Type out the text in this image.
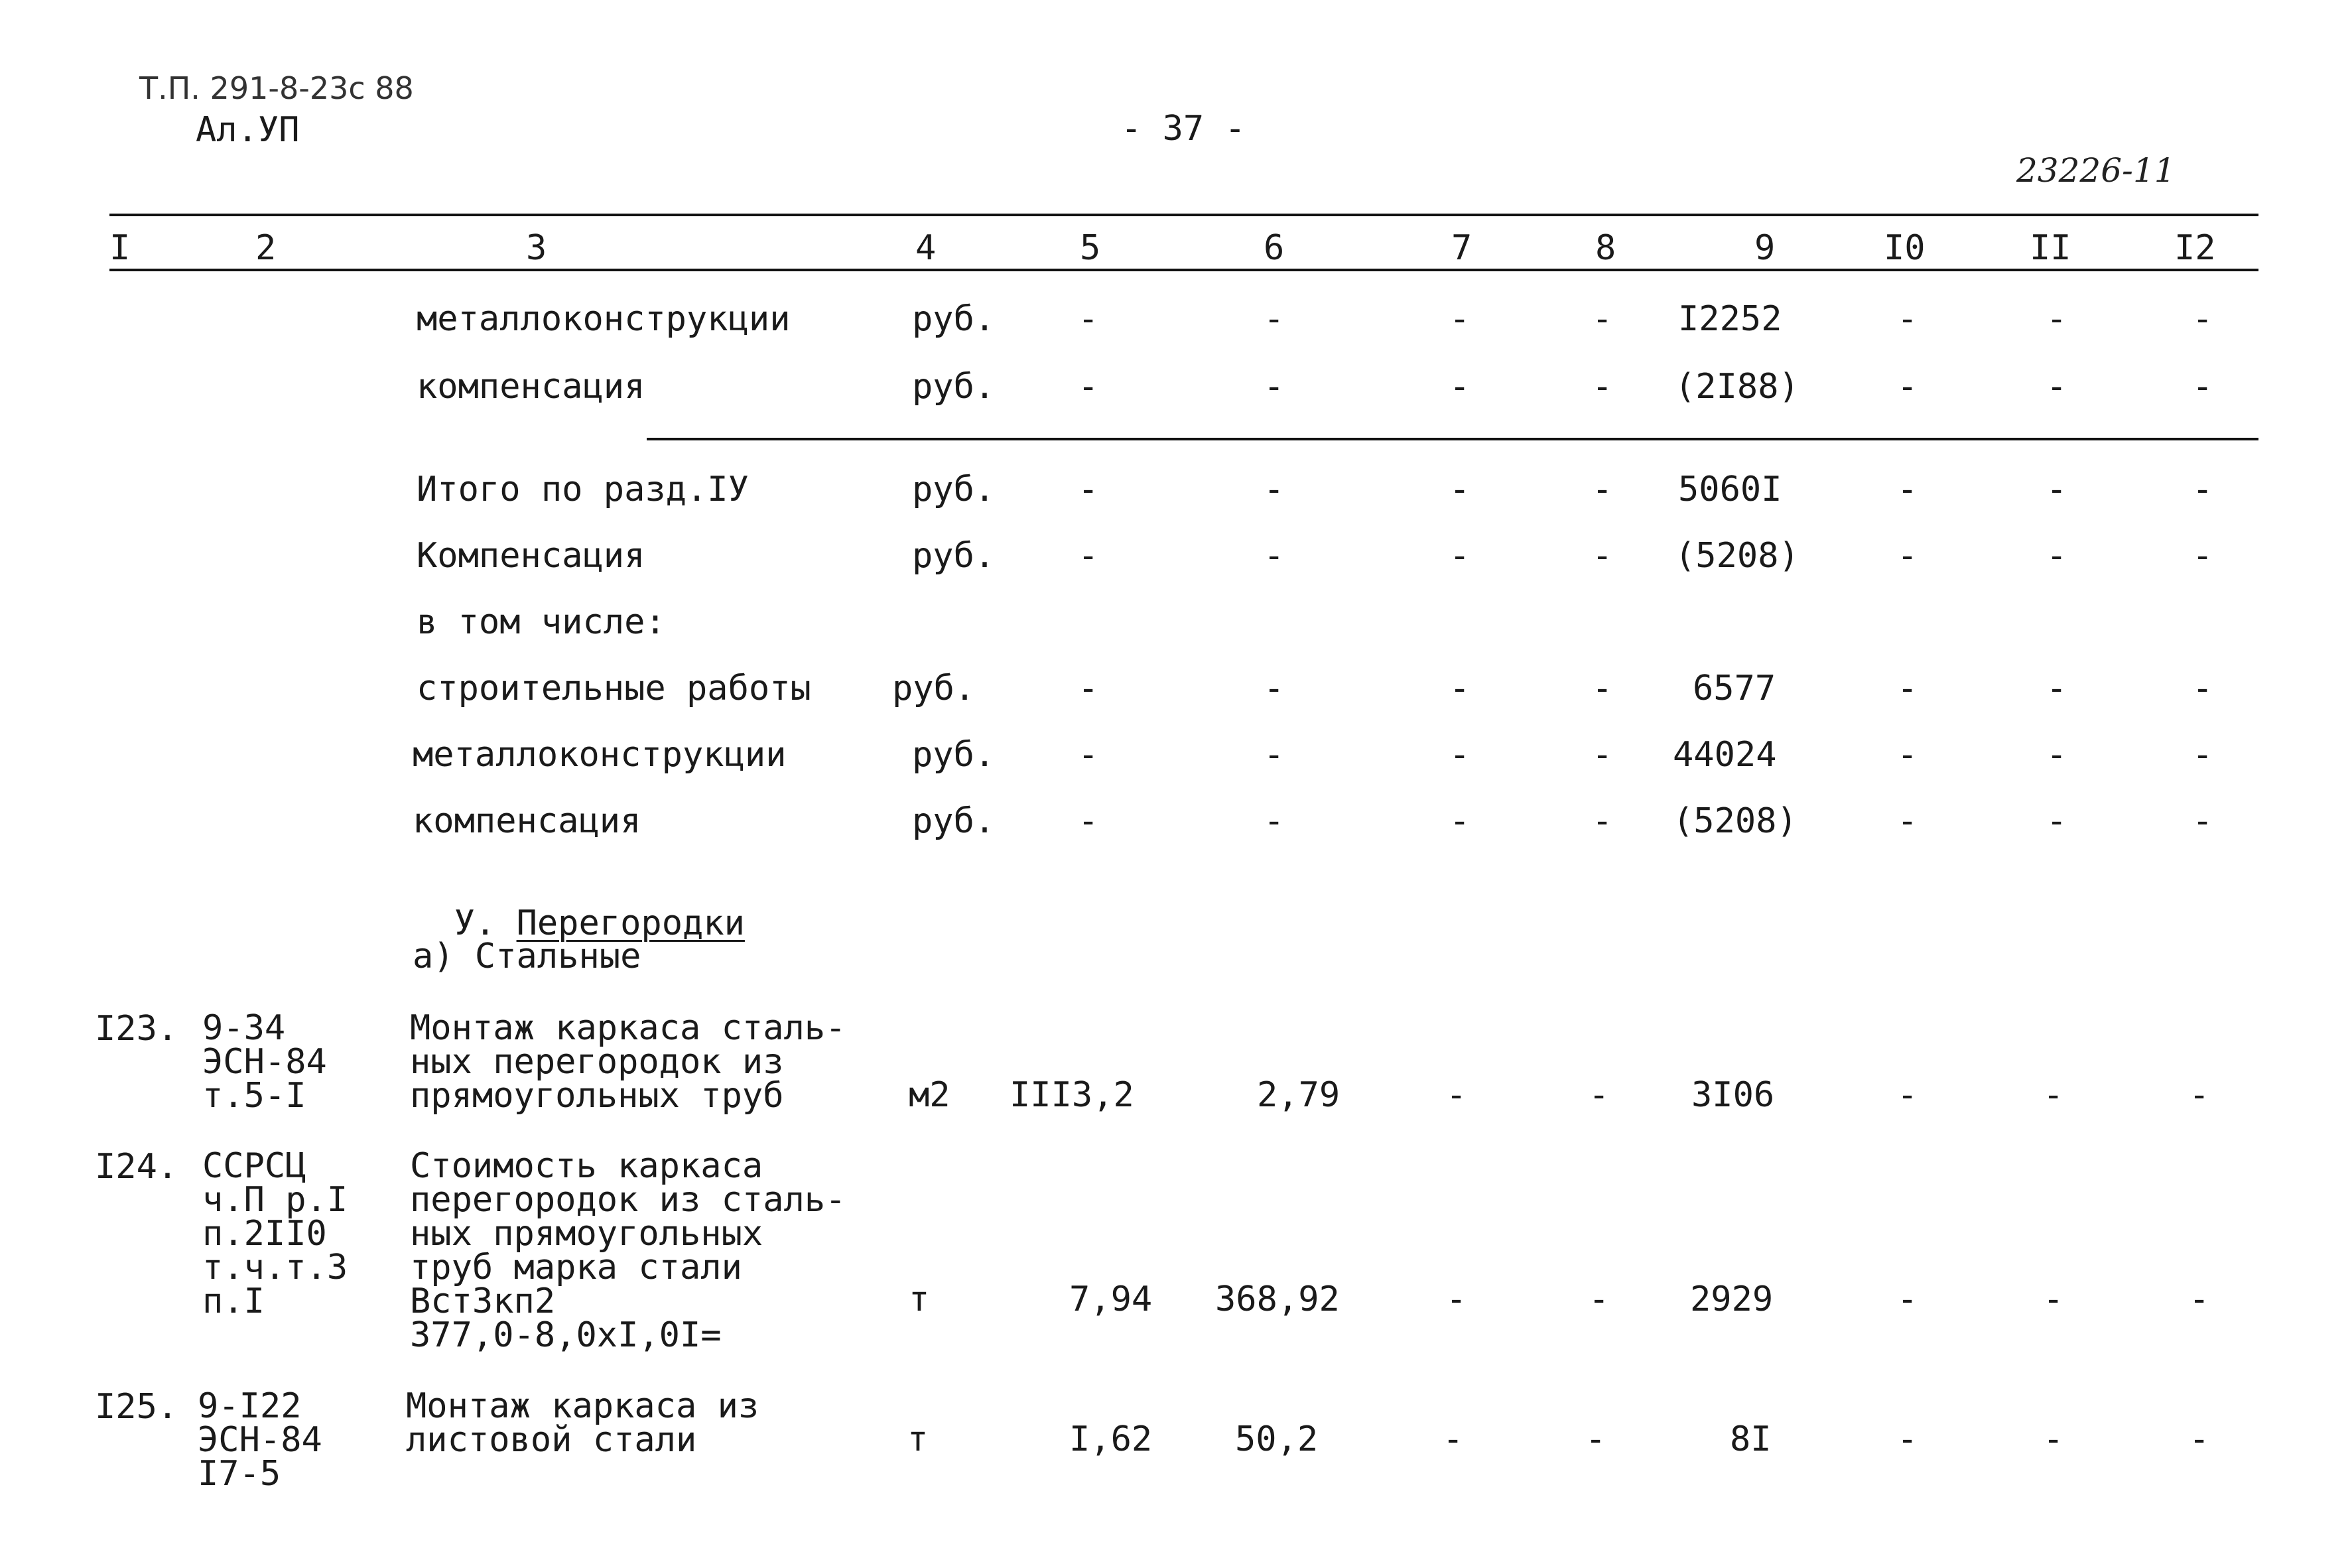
Т.П. 291-8-23с 88
Ал.УП	- 37 -
23226-11
I	2	3	4	5	6	7	8	9	I0	II	I2
металлоконструкции	руб. -	-	-	- I2252	-	-	-
компенсация	руб. -	-	-	- (2I88)	-	-	-
Итого по разд.IУ	руб. -	-	-	- 5060I	-	-	-
Компенсация	руб. -	-	-	- (5208)	-	-	-
в том числе:
строительные работы руб.	-	-	-	- 6577	-	-	-
металлоконструкции	руб. -	-	-	- 44024	-	-	-
компенсация	руб. -	-	-	- (5208)	-	-	-

У. Перегородки

а) Стальные
I23. 9-34
ЭСН-84
т.5-I
Монтаж каркаса сталь-
ных перегородок из
прямоугольных труб	м2 III3,2	2,79	-	- 3I06	-	-	-
I24. ССРСЦ
ч.П р.I
п.2II0
т.ч.т.3
п.I
Стоимость каркаса
перегородок из сталь-
ных прямоугольных
труб марка стали
Вст3кп2
377,0-8,0хI,0I=
т	7,94 368,92	-	- 2929	-	-	-
I25. 9-I22
ЭСН-84
I7-5
Монтаж каркаса из
листовой стали	т	I,62 50,2	-	-	8I	-	-	-
